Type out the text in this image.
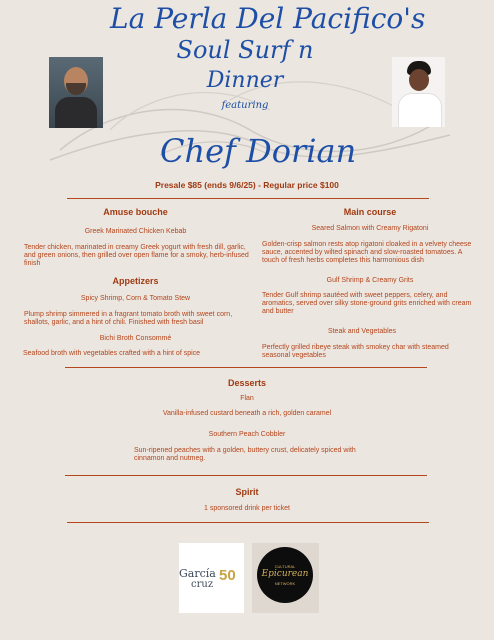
La Perla Del Pacifico's
Soul Surf n
Dinner
featuring
Chef Dorian
Presale $85 (ends 9/6/25) - Regular price $100
Amuse bouche
Greek Marinated Chicken Kebab
Tender chicken, marinated in creamy Greek yogurt with fresh dill, garlic, and green onions, then grilled over open flame for a smoky, herb-infused finish
Appetizers
Spicy Shrimp, Corn & Tomato Stew
Plump shrimp simmered in a fragrant tomato broth with sweet corn, shallots, garlic, and a hint of chili. Finished with fresh basil
Bichi Broth Consommé
Seafood broth with vegetables crafted with a hint of spice
Main course
Seared Salmon with Creamy Rigatoni
Golden-crisp salmon rests atop rigatoni cloaked in a velvety cheese sauce, accented by wilted spinach and slow-roasted tomatoes. A touch of fresh herbs completes this harmonious dish
Gulf Shrimp & Creamy Grits
Tender Gulf shrimp sautéed with sweet peppers, celery, and aromatics, served over silky stone-ground grits enriched with cream and butter
Steak and Vegetables
Perfectly grilled ribeye steak with smokey char with steamed seasonal vegetables
Desserts
Flan
Vanilla-infused custard beneath a rich, golden caramel
Southern Peach Cobbler
Sun-ripened peaches with a golden, buttery crust, delicately spiced with cinnamon and nutmeg.
Spirit
1 sponsored drink per ticket
García
cruz
50
CULTURAL
Epicurean
NETWORK
